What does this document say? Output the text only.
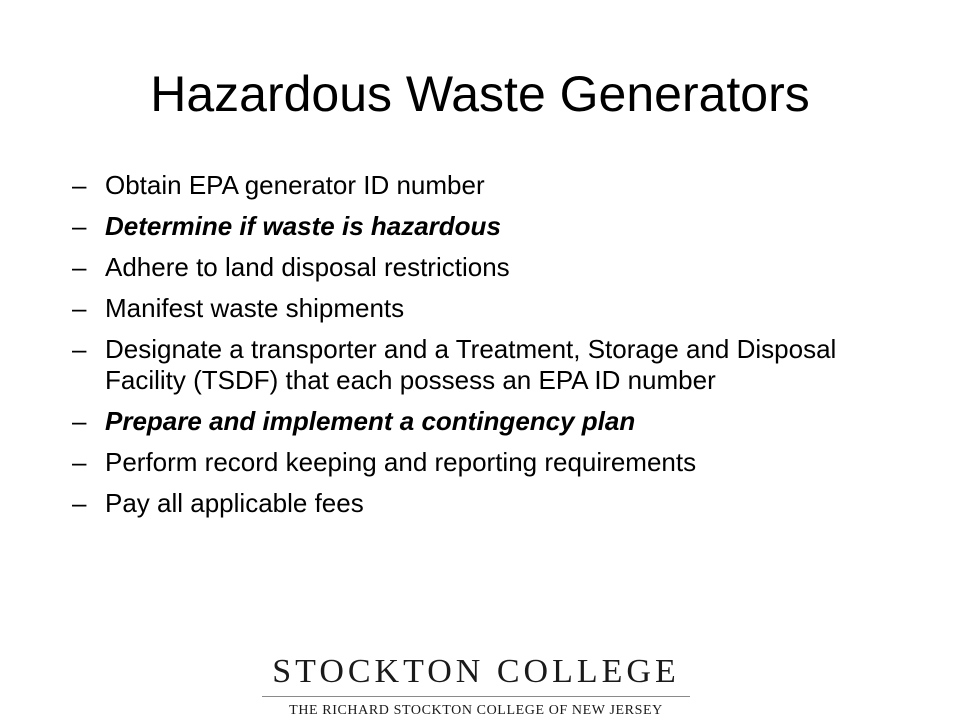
Hazardous Waste Generators
– Obtain EPA generator ID number
– Determine if waste is hazardous
– Adhere to land disposal restrictions
– Manifest waste shipments
– Designate a transporter and a Treatment, Storage and Disposal Facility (TSDF) that each possess an EPA ID number
– Prepare and implement a contingency plan
– Perform record keeping and reporting requirements
– Pay all applicable fees
STOCKTON COLLEGE
THE RICHARD STOCKTON COLLEGE OF NEW JERSEY
